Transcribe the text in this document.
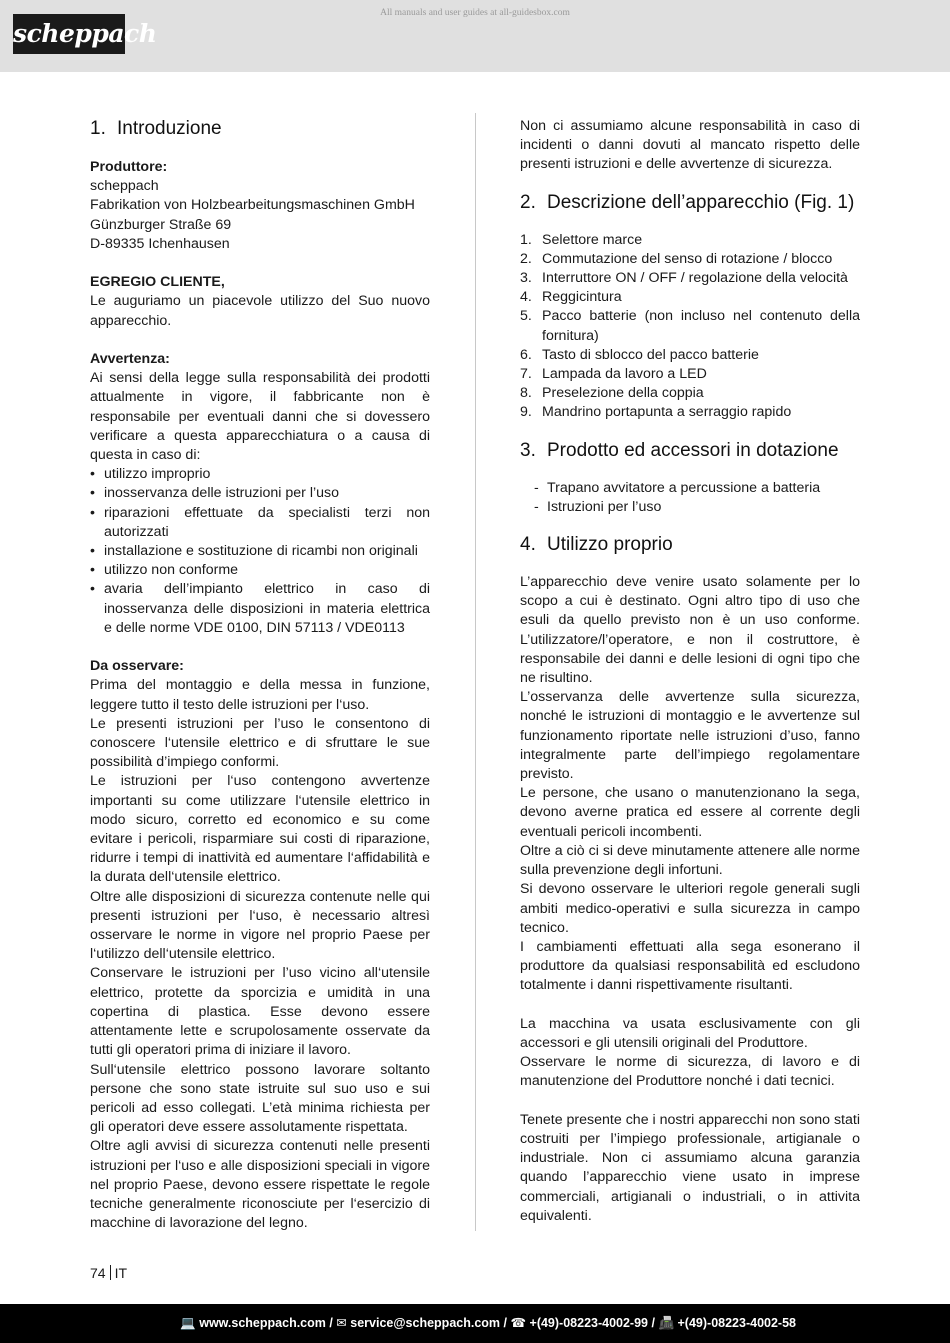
scheppach
All manuals and user guides at all-guidesbox.com
1. Introduzione
Produttore:
scheppach
Fabrikation von Holzbearbeitungsmaschinen GmbH
Günzburger Straße 69
D-89335 Ichenhausen
EGREGIO CLIENTE,

Le auguriamo un piacevole utilizzo del Suo nuovo apparecchio.

Avvertenza:

Ai sensi della legge sulla responsabilità dei prodotti attualmente in vigore, il fabbricante non è responsabile per eventuali danni che si dovessero verificare a questa apparecchiatura o a causa di questa in caso di:

• utilizzo improprio
• inosservanza delle istruzioni per l’uso
• riparazioni effettuate da specialisti terzi non autorizzati
• installazione e sostituzione di ricambi non originali
• utilizzo non conforme
• avaria dell’impianto elettrico in caso di inosservanza delle disposizioni in materia elettrica e delle norme VDE 0100, DIN 57113 / VDE0113
Da osservare:

Prima del montaggio e della messa in funzione, leggere tutto il testo delle istruzioni per l‘uso.

Le presenti istruzioni per l’uso le consentono di conoscere l‘utensile elettrico e di sfruttare le sue possibilità d’impiego conformi.

Le istruzioni per l‘uso contengono avvertenze importanti su come utilizzare l‘utensile elettrico in modo sicuro, corretto ed economico e su come evitare i pericoli, risparmiare sui costi di riparazione, ridurre i tempi di inattività ed aumentare l‘affidabilità e la durata dell‘utensile elettrico.

Oltre alle disposizioni di sicurezza contenute nelle qui presenti istruzioni per l‘uso, è necessario altresì osservare le norme in vigore nel proprio Paese per l‘utilizzo dell‘utensile elettrico.

Conservare le istruzioni per l’uso vicino all‘utensile elettrico, protette da sporcizia e umidità in una copertina di plastica. Esse devono essere attentamente lette e scrupolosamente osservate da tutti gli operatori prima di iniziare il lavoro.

Sull‘utensile elettrico possono lavorare soltanto persone che sono state istruite sul suo uso e sui pericoli ad esso collegati. L’età minima richiesta per gli operatori deve essere assolutamente rispettata.

Oltre agli avvisi di sicurezza contenuti nelle presenti istruzioni per l‘uso e alle disposizioni speciali in vigore nel proprio Paese, devono essere rispettate le regole tecniche generalmente riconosciute per l‘esercizio di macchine di lavorazione del legno.

Non ci assumiamo alcune responsabilità in caso di incidenti o danni dovuti al mancato rispetto delle presenti istruzioni e delle avvertenze di sicurezza.

2. Descrizione dell’apparecchio (Fig. 1)
1. Selettore marce
2. Commutazione del senso di rotazione / blocco
3. Interruttore ON / OFF / regolazione della velocità
4. Reggicintura
5. Pacco batterie (non incluso nel contenuto della fornitura)
6. Tasto di sblocco del pacco batterie
7. Lampada da lavoro a LED
8. Preselezione della coppia
9. Mandrino portapunta a serraggio rapido
3. Prodotto ed accessori in dotazione
- Trapano avvitatore a percussione a batteria
- Istruzioni per l’uso
4. Utilizzo proprio

L’apparecchio deve venire usato solamente per lo scopo a cui è destinato. Ogni altro tipo di uso che esuli da quello previsto non è un uso conforme. L’utilizzatore/l’operatore, e non il costruttore, è responsabile dei danni e delle lesioni di ogni tipo che ne risultino.

L’osservanza delle avvertenze sulla sicurezza, nonché le istruzioni di montaggio e le avvertenze sul funzionamento riportate nelle istruzioni d’uso, fanno integralmente parte dell’impiego regolamentare previsto.

Le persone, che usano o manutenzionano la sega, devono averne pratica ed essere al corrente degli eventuali pericoli incombenti.

Oltre a ciò ci si deve minutamente attenere alle norme sulla prevenzione degli infortuni.

Si devono osservare le ulteriori regole generali sugli ambiti medico-operativi e sulla sicurezza in campo tecnico.

I cambiamenti effettuati alla sega esonerano il produttore da qualsiasi responsabilità ed escludono totalmente i danni rispettivamente risultanti.

La macchina va usata esclusivamente con gli accessori e gli utensili originali del Produttore.

Osservare le norme di sicurezza, di lavoro e di manutenzione del Produttore nonché i dati tecnici.

Tenete presente che i nostri apparecchi non sono stati costruiti per l’impiego professionale, artigianale o industriale. Non ci assumiamo alcuna garanzia quando l’apparecchio viene usato in imprese commerciali, artigianali o industriali, o in attivita equivalenti.

74 IT
💻 www.scheppach.com / ✉ service@scheppach.com / ☎ +(49)-08223-4002-99 / 📠 +(49)-08223-4002-58
